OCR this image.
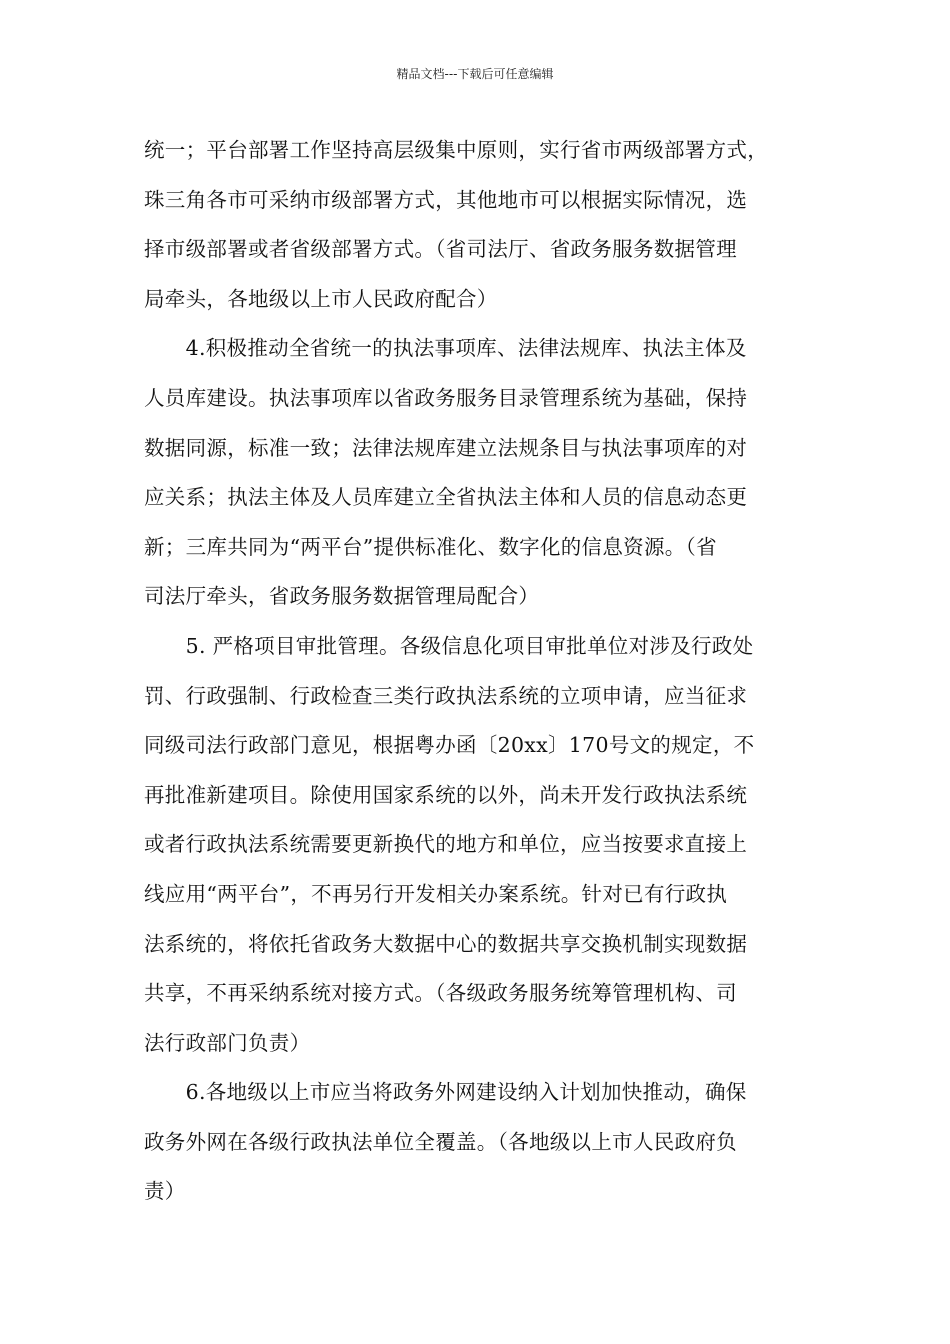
精品文档---下载后可任意编辑
统一；平台部署工作坚持高层级集中原则，实行省市两级部署方式，
珠三角各市可采纳市级部署方式，其他地市可以根据实际情况，选
择市级部署或者省级部署方式。（省司法厅、省政务服务数据管理
局牵头，各地级以上市人民政府配合）
　　4.积极推动全省统一的执法事项库、法律法规库、执法主体及
人员库建设。执法事项库以省政务服务目录管理系统为基础，保持
数据同源，标准一致；法律法规库建立法规条目与执法事项库的对
应关系；执法主体及人员库建立全省执法主体和人员的信息动态更
新；三库共同为“两平台”提供标准化、数字化的信息资源。（省
司法厅牵头，省政务服务数据管理局配合）
　　5. 严格项目审批管理。各级信息化项目审批单位对涉及行政处
罚、行政强制、行政检查三类行政执法系统的立项申请，应当征求
同级司法行政部门意见，根据粤办函〔20xx〕170号文的规定，不
再批准新建项目。除使用国家系统的以外，尚未开发行政执法系统
或者行政执法系统需要更新换代的地方和单位，应当按要求直接上
线应用“两平台”，不再另行开发相关办案系统。针对已有行政执
法系统的，将依托省政务大数据中心的数据共享交换机制实现数据
共享，不再采纳系统对接方式。（各级政务服务统筹管理机构、司
法行政部门负责）
　　6.各地级以上市应当将政务外网建设纳入计划加快推动，确保
政务外网在各级行政执法单位全覆盖。（各地级以上市人民政府负
责）
